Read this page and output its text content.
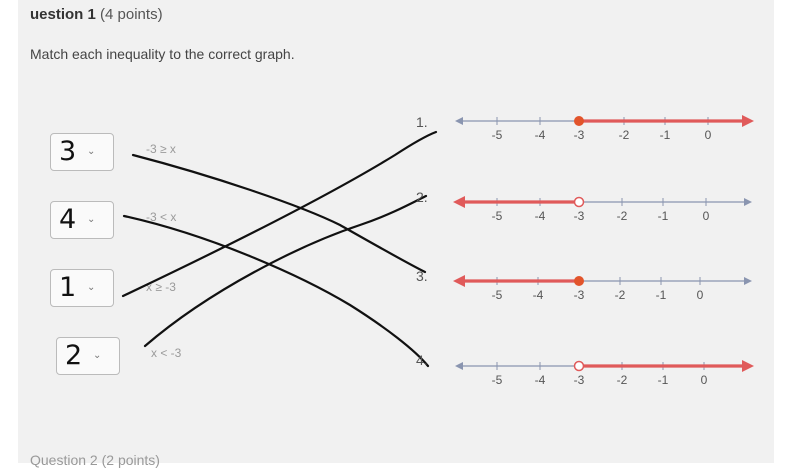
uestion 1 (4 points)
Match each inequality to the correct graph.
3 ⌄	-3 ≥ x
4 ⌄	-3 < x
1 ⌄	x ≥ -3
2 ⌄	x < -3
Question 2 (2 points)
-5	-4 -3	-2	-1	0
-5	-4 -3	-2	-1	0
-5	-4	-3	-2	-1	0
-5	-4 -3	-2	-1	0
1.
2.
3.
4.
